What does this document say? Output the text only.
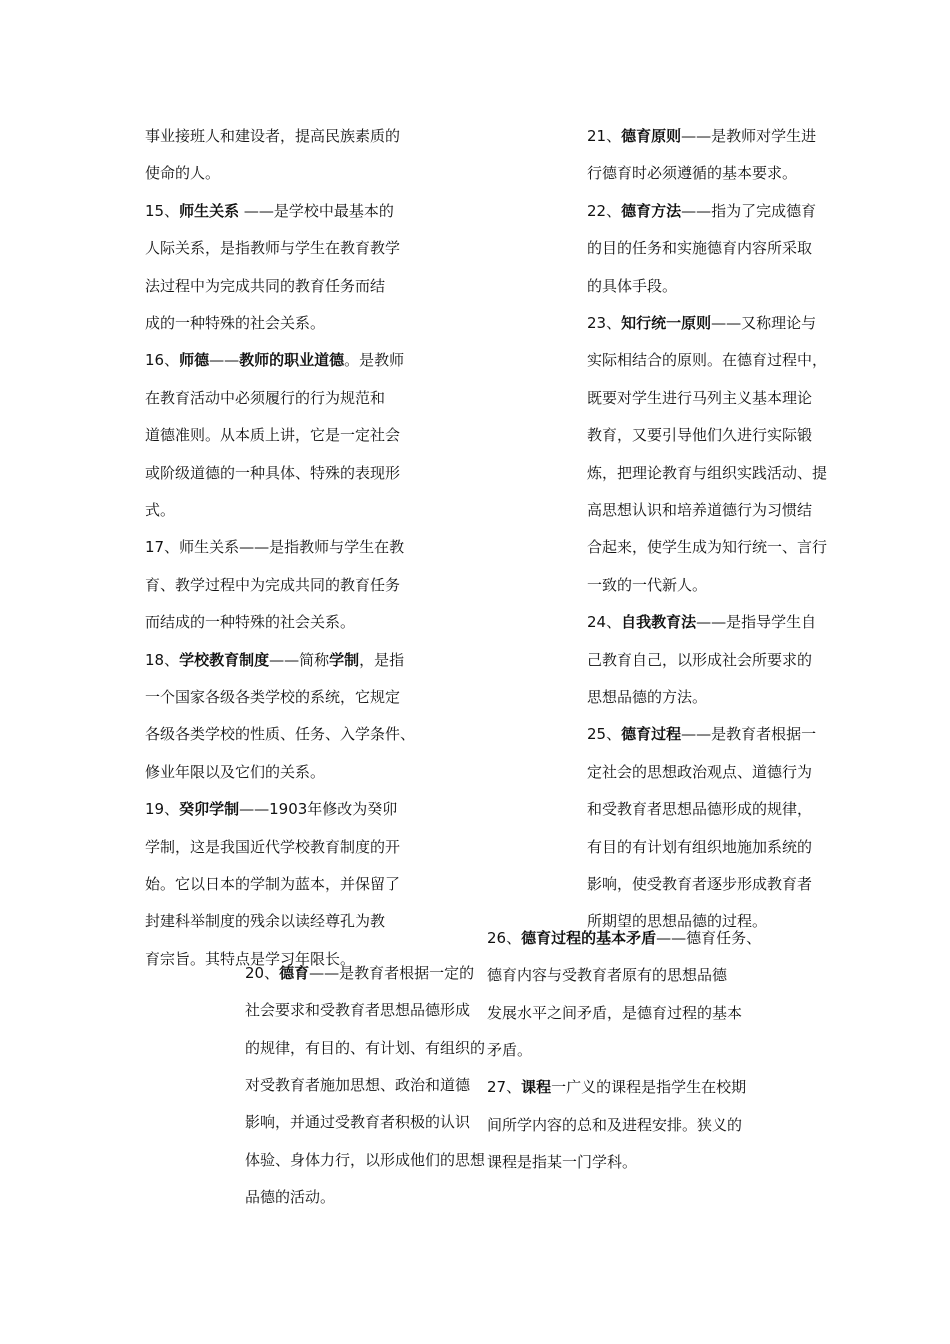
事业接班人和建设者，提高民族素质的
使命的人。
15、师生关系 ——是学校中最基本的
人际关系，是指教师与学生在教育教学
法过程中为完成共同的教育任务而结
成的一种特殊的社会关系。
16、师德——教师的职业道德。是教师
在教育活动中必须履行的行为规范和
道德准则。从本质上讲，它是一定社会
或阶级道德的一种具体、特殊的表现形
式。
17、师生关系——是指教师与学生在教
育、教学过程中为完成共同的教育任务
而结成的一种特殊的社会关系。
18、学校教育制度——简称学制，是指
一个国家各级各类学校的系统，它规定
各级各类学校的性质、任务、入学条件、
修业年限以及它们的关系。
19、癸卯学制——1903年修改为癸卯
学制，这是我国近代学校教育制度的开
始。它以日本的学制为蓝本，并保留了
封建科举制度的残余以读经尊孔为教
育宗旨。其特点是学习年限长。
21、德育原则——是教师对学生进
行德育时必须遵循的基本要求。
22、德育方法——指为了完成德育
的目的任务和实施德育内容所采取
的具体手段。
23、知行统一原则——又称理论与
实际相结合的原则。在德育过程中，
既要对学生进行马列主义基本理论
教育，又要引导他们久进行实际锻
炼，把理论教育与组织实践活动、提
高思想认识和培养道德行为习惯结
合起来，使学生成为知行统一、言行
一致的一代新人。
24、自我教育法——是指导学生自
己教育自己，以形成社会所要求的
思想品德的方法。
25、德育过程——是教育者根据一
定社会的思想政治观点、道德行为
和受教育者思想品德形成的规律，
有目的有计划有组织地施加系统的
影响，使受教育者逐步形成教育者
所期望的思想品德的过程。
20、德育——是教育者根据一定的
社会要求和受教育者思想品德形成
的规律，有目的、有计划、有组织的
对受教育者施加思想、政治和道德
影响，并通过受教育者积极的认识
体验、身体力行，以形成他们的思想
品德的活动。
26、德育过程的基本矛盾——德育任务、
德育内容与受教育者原有的思想品德
发展水平之间矛盾，是德育过程的基本
矛盾。
27、课程一广义的课程是指学生在校期
间所学内容的总和及进程安排。狭义的
课程是指某一门学科。
